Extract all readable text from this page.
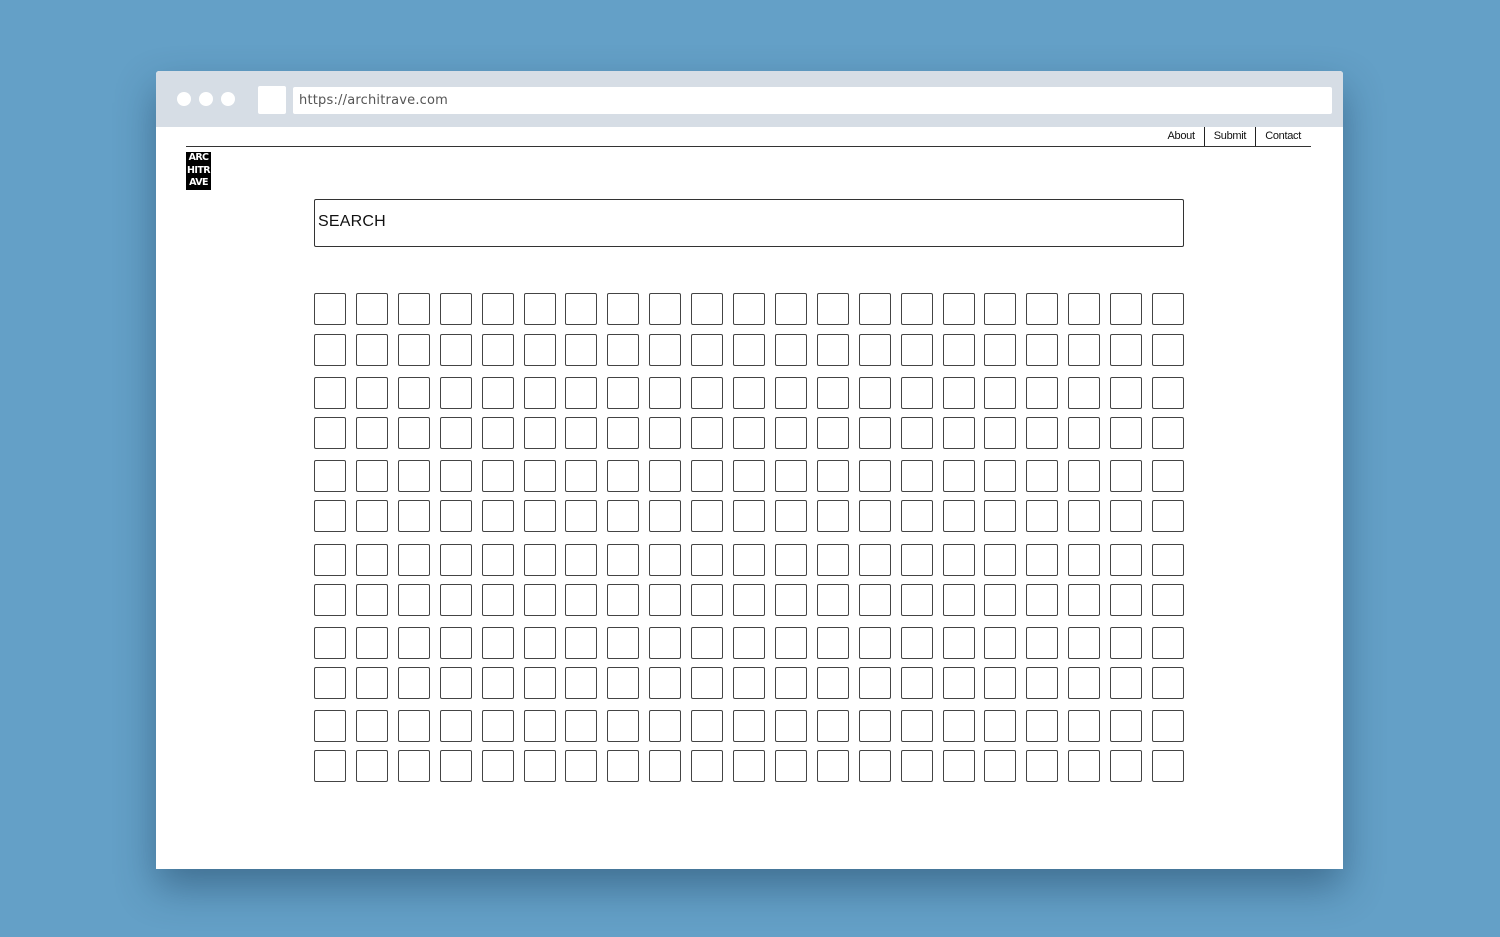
https://architrave.com
About	Submit	Contact
ARC
HITR
AVE
SEARCH
